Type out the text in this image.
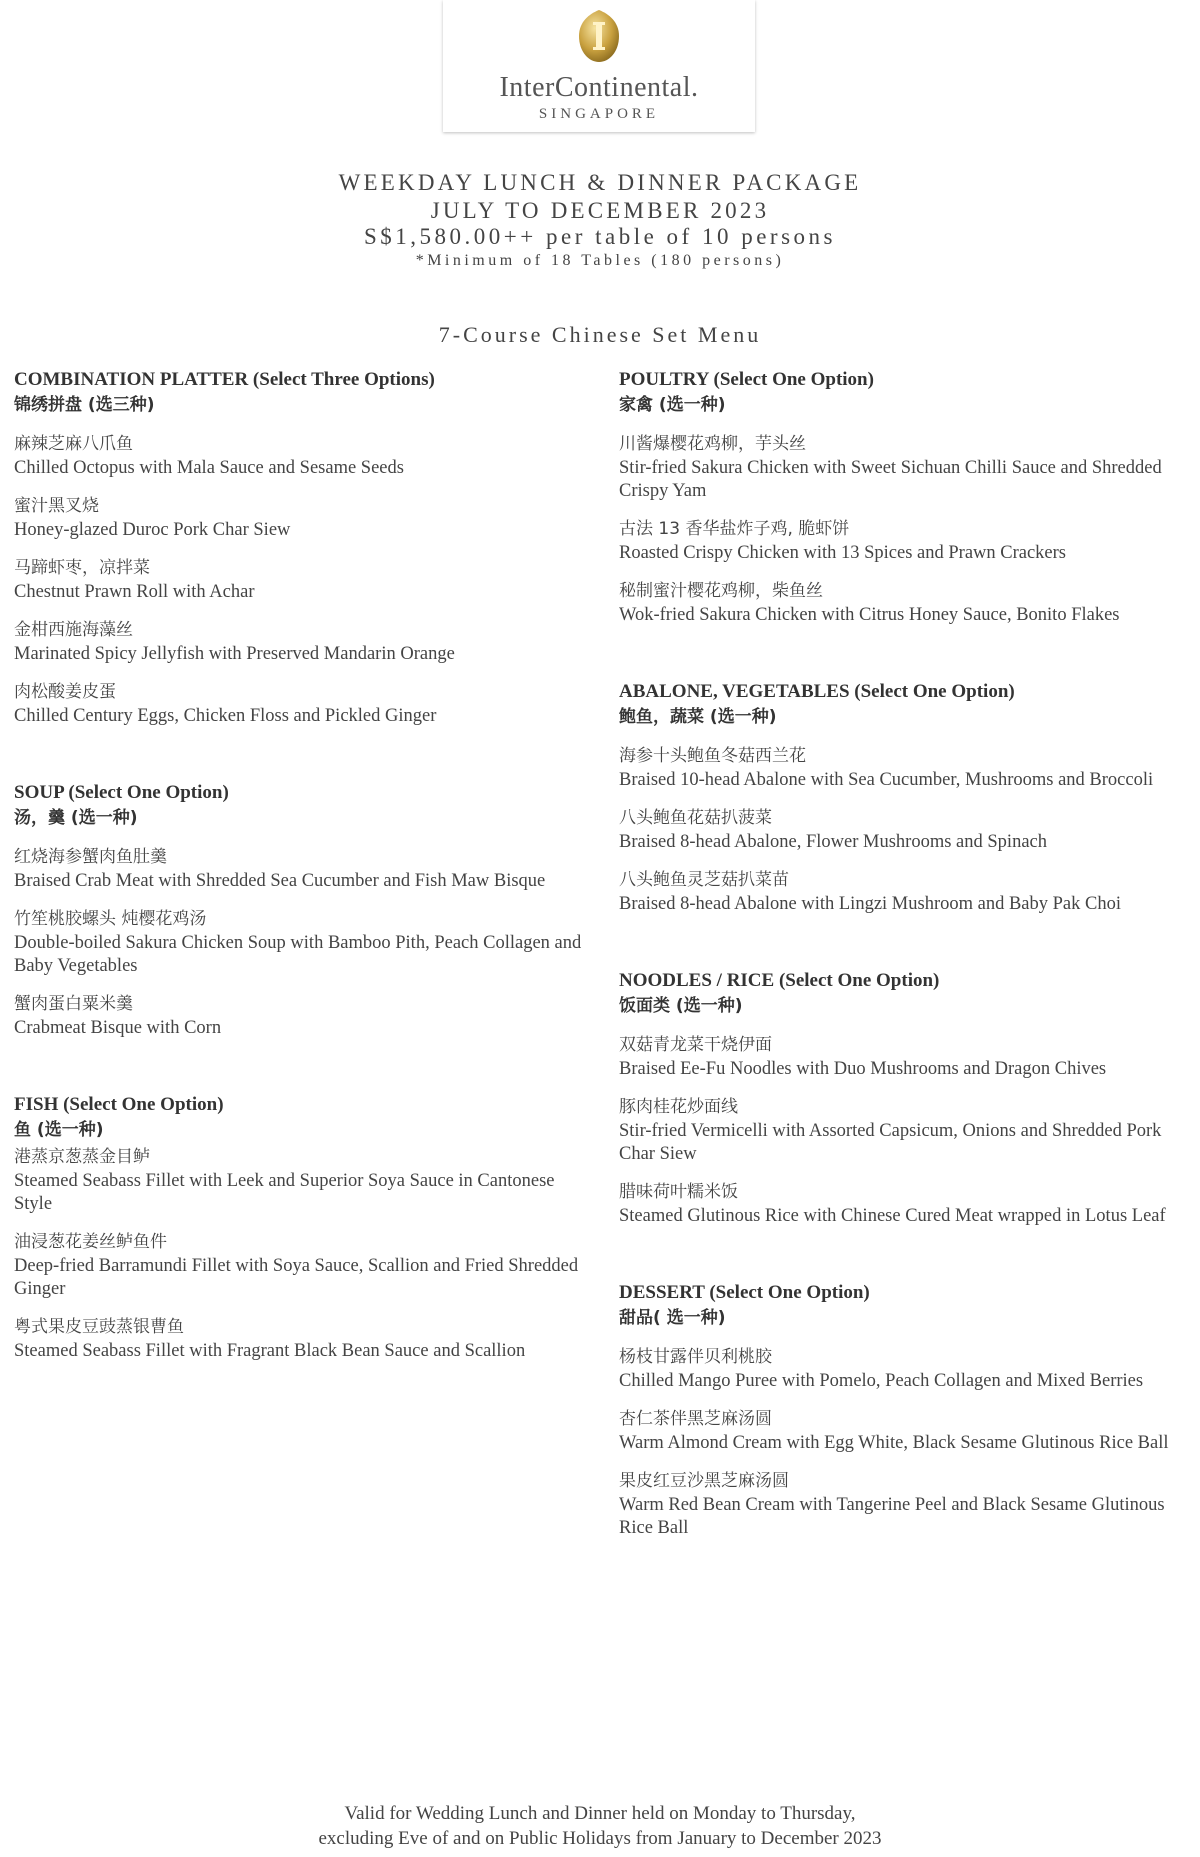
InterContinental.
SINGAPORE
WEEKDAY LUNCH & DINNER PACKAGE
JULY TO DECEMBER 2023
S$1,580.00++ per table of 10 persons
*Minimum of 18 Tables (180 persons)
7-Course Chinese Set Menu
COMBINATION PLATTER (Select Three Options)
锦绣拼盘 (选三种)
麻辣芝麻八爪鱼
Chilled Octopus with Mala Sauce and Sesame Seeds
蜜汁黑叉烧
Honey-glazed Duroc Pork Char Siew
马蹄虾枣，凉拌菜
Chestnut Prawn Roll with Achar
金柑西施海藻丝
Marinated Spicy Jellyfish with Preserved Mandarin Orange
肉松酸姜皮蛋
Chilled Century Eggs, Chicken Floss and Pickled Ginger
SOUP (Select One Option)
汤，羹 (选一种)
红烧海参蟹肉鱼肚羹
Braised Crab Meat with Shredded Sea Cucumber and Fish Maw Bisque
竹笙桃胶螺头 炖樱花鸡汤
Double-boiled Sakura Chicken Soup with Bamboo Pith, Peach Collagen and Baby Vegetables
蟹肉蛋白粟米羹
Crabmeat Bisque with Corn
FISH (Select One Option)
鱼 (选一种)
港蒸京葱蒸金目鲈
Steamed Seabass Fillet with Leek and Superior Soya Sauce in Cantonese Style
油浸葱花姜丝鲈鱼件
Deep-fried Barramundi Fillet with Soya Sauce, Scallion and Fried Shredded Ginger
粤式果皮豆豉蒸银曹鱼
Steamed Seabass Fillet with Fragrant Black Bean Sauce and Scallion
POULTRY (Select One Option)
家禽 (选一种)
川酱爆樱花鸡柳，芋头丝
Stir-fried Sakura Chicken with Sweet Sichuan Chilli Sauce and Shredded Crispy Yam
古法 13 香华盐炸子鸡, 脆虾饼
Roasted Crispy Chicken with 13 Spices and Prawn Crackers
秘制蜜汁樱花鸡柳，柴鱼丝
Wok-fried Sakura Chicken with Citrus Honey Sauce, Bonito Flakes
ABALONE, VEGETABLES (Select One Option)
鲍鱼，蔬菜 (选一种)
海参十头鲍鱼冬菇西兰花
Braised 10-head Abalone with Sea Cucumber, Mushrooms and Broccoli
八头鲍鱼花菇扒菠菜
Braised 8-head Abalone, Flower Mushrooms and Spinach
八头鲍鱼灵芝菇扒菜苗
Braised 8-head Abalone with Lingzi Mushroom and Baby Pak Choi
NOODLES / RICE (Select One Option)
饭面类 (选一种)
双菇青龙菜干烧伊面
Braised Ee-Fu Noodles with Duo Mushrooms and Dragon Chives
豚肉桂花炒面线
Stir-fried Vermicelli with Assorted Capsicum, Onions and Shredded Pork Char Siew
腊味荷叶糯米饭
Steamed Glutinous Rice with Chinese Cured Meat wrapped in Lotus Leaf
DESSERT (Select One Option)
甜品( 选一种)
杨枝甘露伴贝利桃胶
Chilled Mango Puree with Pomelo, Peach Collagen and Mixed Berries
杏仁茶伴黑芝麻汤圆
Warm Almond Cream with Egg White, Black Sesame Glutinous Rice Ball
果皮红豆沙黑芝麻汤圆
Warm Red Bean Cream with Tangerine Peel and Black Sesame Glutinous Rice Ball
Valid for Wedding Lunch and Dinner held on Monday to Thursday,
excluding Eve of and on Public Holidays from January to December 2023
